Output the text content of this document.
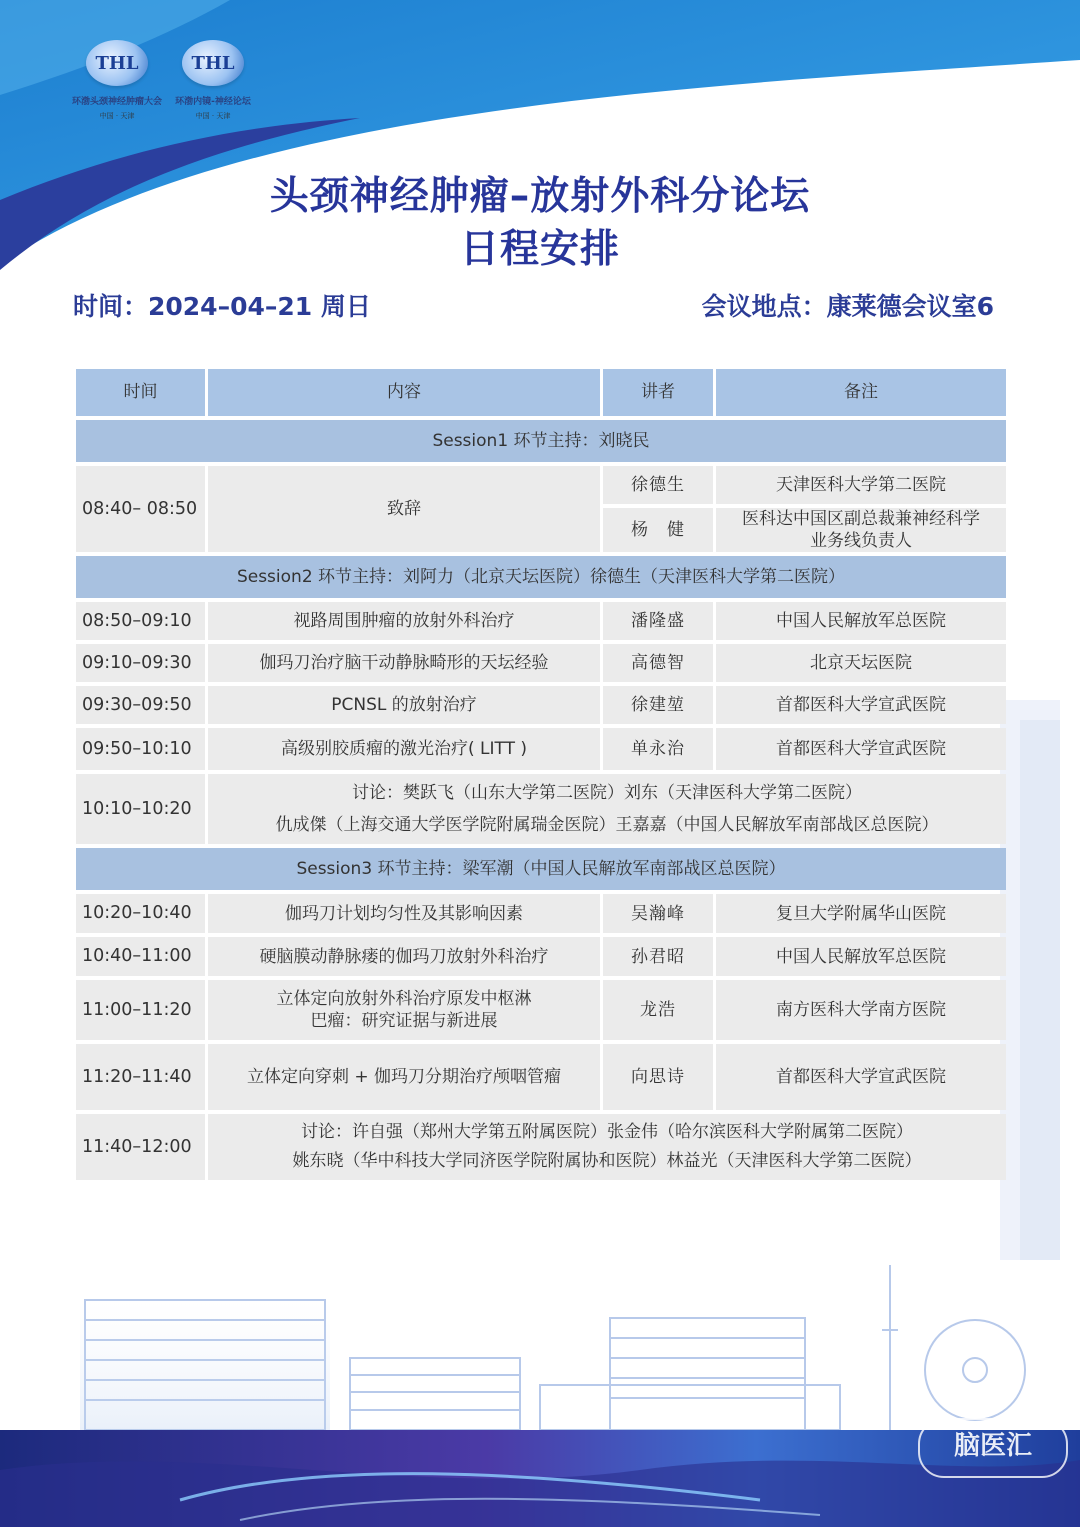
THL
环渤头颈神经肿瘤大会
中国 · 天津
THL
环渤内镜-神经论坛
中国 · 天津
头颈神经肿瘤–放射外科分论坛
日程安排
时间：2024–04–21 周日	会议地点：康莱德会议室6
时间	内容	讲者	备注
Session1 环节主持：刘晓民			
08:40– 08:50	致辞	徐德生	天津医科大学第二医院
		杨　健	医科达中国区副总裁兼神经科学业务线负责人
Session2 环节主持：刘阿力（北京天坛医院）徐德生（天津医科大学第二医院）			
08:50–09:10	视路周围肿瘤的放射外科治疗	潘隆盛	中国人民解放军总医院
09:10–09:30	伽玛刀治疗脑干动静脉畸形的天坛经验	高德智	北京天坛医院
09:30–09:50	PCNSL 的放射治疗	徐建堃	首都医科大学宣武医院
09:50–10:10	高级别胶质瘤的激光治疗( LITT )	单永治	首都医科大学宣武医院
10:10–10:20	讨论：樊跃飞（山东大学第二医院）刘东（天津医科大学第二医院）
仇成傑（上海交通大学医学院附属瑞金医院）王嘉嘉（中国人民解放军南部战区总医院）		

Session3 环节主持：梁军潮（中国人民解放军南部战区总医院）			
10:20–10:40	伽玛刀计划均匀性及其影响因素	吴瀚峰	复旦大学附属华山医院
10:40–11:00	硬脑膜动静脉瘘的伽玛刀放射外科治疗	孙君昭	中国人民解放军总医院
11:00–11:20	立体定向放射外科治疗原发中枢淋巴瘤：研究证据与新进展	龙浩	南方医科大学南方医院
11:20–11:40	立体定向穿刺 + 伽玛刀分期治疗颅咽管瘤	向思诗	首都医科大学宣武医院
11:40–12:00	讨论：许自强（郑州大学第五附属医院）张金伟（哈尔滨医科大学附属第二医院）
姚东晓（华中科技大学同济医学院附属协和医院）林益光（天津医科大学第二医院）		
脑医汇
